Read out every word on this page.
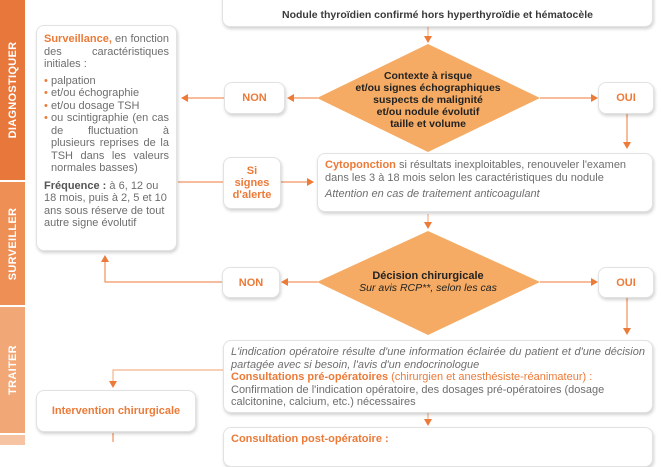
DIAGNOSTIQUER
SURVEILLER
TRAITER
Nodule thyroïdien confirmé hors hyperthyroïdie et hématocèle
Contexte à risque
et/ou signes échographiques
suspects de malignité
et/ou nodule évolutif
taille et volume
NON	OUI
Surveillance, en fonction des caractéristiques initiales :
• palpation
• et/ou échographie
• et/ou dosage TSH
• ou scintigraphie (en cas de fluctuation à plusieurs reprises de la TSH dans les valeurs normales basses)
Fréquence : à 6, 12 ou 18 mois, puis à 2, 5 et 10 ans sous réserve de tout autre signe évolutif
Si
signes
d'alerte
Cytoponction si résultats inexploitables, renouveler l'examen dans les 3 à 18 mois selon les caractéristiques du nodule
Attention en cas de traitement anticoagulant
Décision chirurgicale
Sur avis RCP**, selon les cas
NON	OUI
L'indication opératoire résulte d'une information éclairée du patient et d'une décision partagée avec si besoin, l'avis d'un endocrinologue
Consultations pré-opératoires (chirurgien et anesthésiste-réanimateur) :
Confirmation de l'indication opératoire, des dosages pré-opératoires (dosage calcitonine, calcium, etc.) nécessaires
Intervention chirurgicale
Consultation post-opératoire :
